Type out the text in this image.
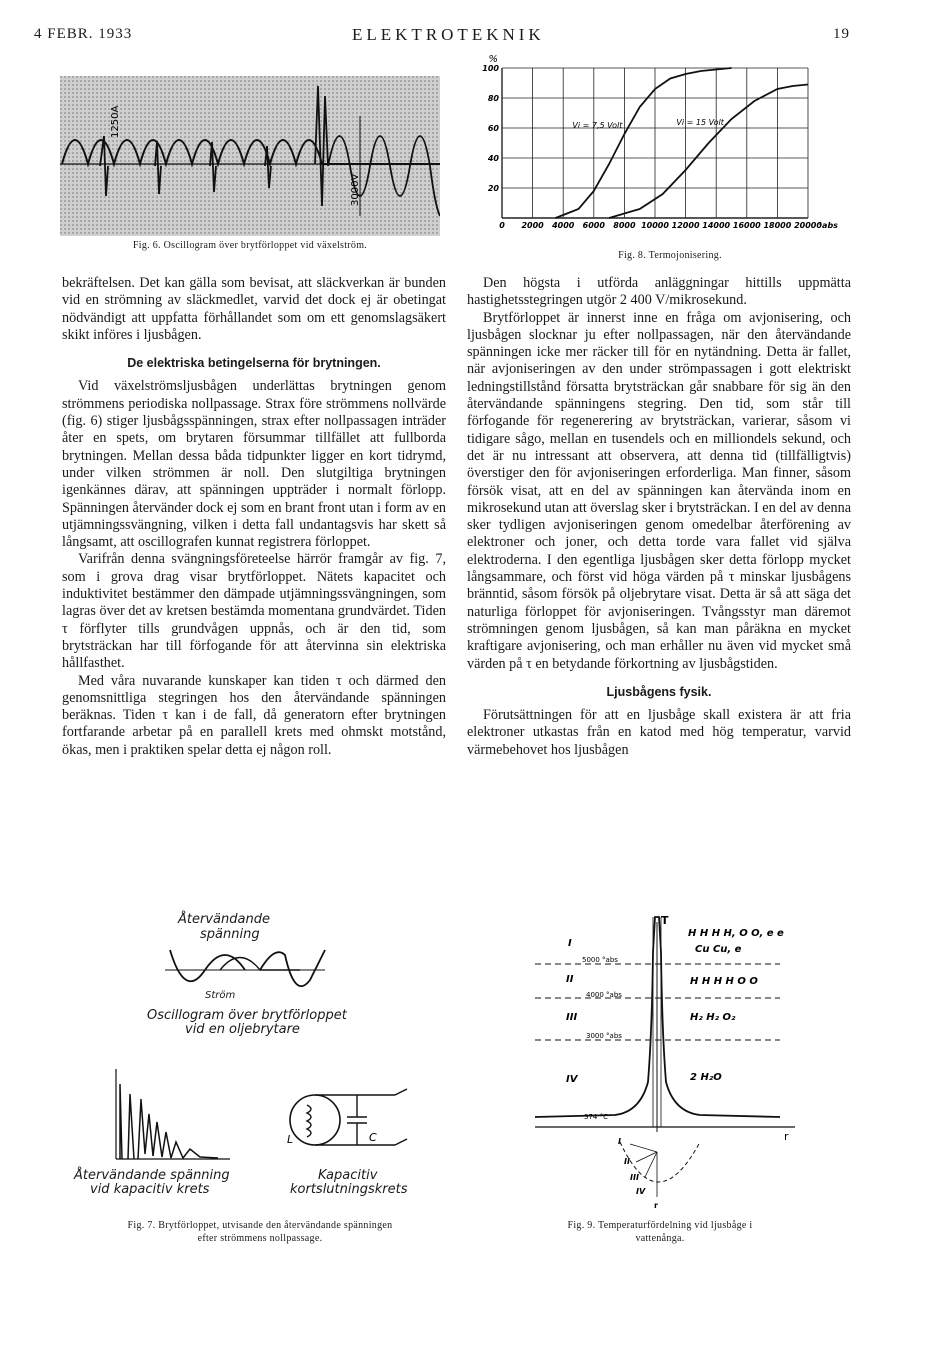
4 FEBR. 1933	ELEKTROTEKNIK	19
1250A
3000V
Fig. 6. Oscillogram över brytförloppet vid växelström.
0 2000 4000 6000 8000 10000 12000 14000 16000 18000 20000
°abs
20
40
60
80
100
%
Vi = 7,5 Volt	Vi = 15 Volt
Fig. 8. Termojonisering.

bekräftelsen. Det kan gälla som bevisat, att släckverkan är bunden vid en strömning av släckmedlet, varvid det dock ej är obetingat nödvändigt att uppfatta förhållandet som om ett genomslagsäkert skikt införes i ljusbågen.

De elektriska betingelserna för brytningen.

Vid växelströmsljusbågen underlättas brytningen genom strömmens periodiska nollpassage. Strax före strömmens nollvärde (fig. 6) stiger ljusbågsspänningen, strax efter nollpassagen inträder åter en spets, om brytaren försummar tillfället att fullborda brytningen. Mellan dessa båda tidpunkter ligger en kort tidrymd, under vilken strömmen är noll. Den slutgiltiga brytningen igenkännes därav, att spänningen uppträder i normalt förlopp. Spänningen återvänder dock ej som en brant front utan i form av en utjämningssvängning, vilken i detta fall undantagsvis har skett så långsamt, att oscillografen kunnat registrera förloppet.

Varifrån denna svängningsföreteelse härrör framgår av fig. 7, som i grova drag visar brytförloppet. Nätets kapacitet och induktivitet bestämmer den dämpade utjämningssvängningen, som lagras över det av kretsen bestämda momentana grundvärdet. Tiden τ förflyter tills grundvågen uppnås, och är den tid, som brytsträckan har till förfogande för att återvinna sin elektriska hållfasthet.

Med våra nuvarande kunskaper kan tiden τ och därmed den genomsnittliga stegringen hos den återvändande spänningen beräknas. Tiden τ kan i de fall, då generatorn efter brytningen fortfarande arbetar på en parallell krets med ohmskt motstånd, ökas, men i praktiken spelar detta ej någon roll.

Den högsta i utförda anläggningar hittills uppmätta hastighetsstegringen utgör 2 400 V/mikrosekund.

Brytförloppet är innerst inne en fråga om avjonisering, och ljusbågen slocknar ju efter nollpassagen, när den återvändande spänningen icke mer räcker till för en nytändning. Detta är fallet, när avjoniseringen av den under strömpassagen i gott elektriskt ledningstillstånd försatta brytsträckan går snabbare för sig än den återvändande spänningens stegring. Den tid, som står till förfogande för regenerering av brytsträckan, varierar, såsom vi tidigare sågo, mellan en tusendels och en milliondels sekund, och det är nu intressant att observera, att denna tid (tillfälligtvis) överstiger den för avjoniseringen erforderliga. Man finner, såsom försök visat, att en del av spänningen kan återvända inom en mikrosekund utan att överslag sker i brytsträckan. I en del av denna sker tydligen avjoniseringen genom omedelbar återförening av elektroner och joner, och detta torde vara fallet vid själva elektroderna. I den egentliga ljusbågen sker detta förlopp mycket långsammare, och först vid höga värden på τ minskar ljusbågens bränntid, såsom försök på oljebrytare visat. Detta är så att säga det naturliga förloppet för avjoniseringen. Tvångsstyr man däremot strömningen genom ljusbågen, så kan man påräkna en mycket kraftigare avjonisering, och man erhåller nu även vid mycket små värden på τ en betydande förkortning av ljusbågstiden.

Ljusbågens fysik.

Förutsättningen för att en ljusbåge skall existera är att fria elektroner utkastas från en katod med hög temperatur, varvid värmebehovet hos ljusbågen

Återvändande
spänning
Ström
Oscillogram över brytförloppet
vid en oljebrytare
Återvändande spänning
vid kapacitiv krets
L	C
Kapacitiv
kortslutningskrets
Fig. 7. Brytförloppet, utvisande den återvändande spänningen
efter strömmens nollpassage.
T
r
I
5000 °abs
H H H H, O O, e e
Cu Cu, e
II
4000 °abs
H H H H O O
III
3000 °abs
H₂ H₂ O₂
IV
374 °C
2 H₂O
I
II
III
IV
r
Fig. 9. Temperaturfördelning vid ljusbåge i
vattenånga.
